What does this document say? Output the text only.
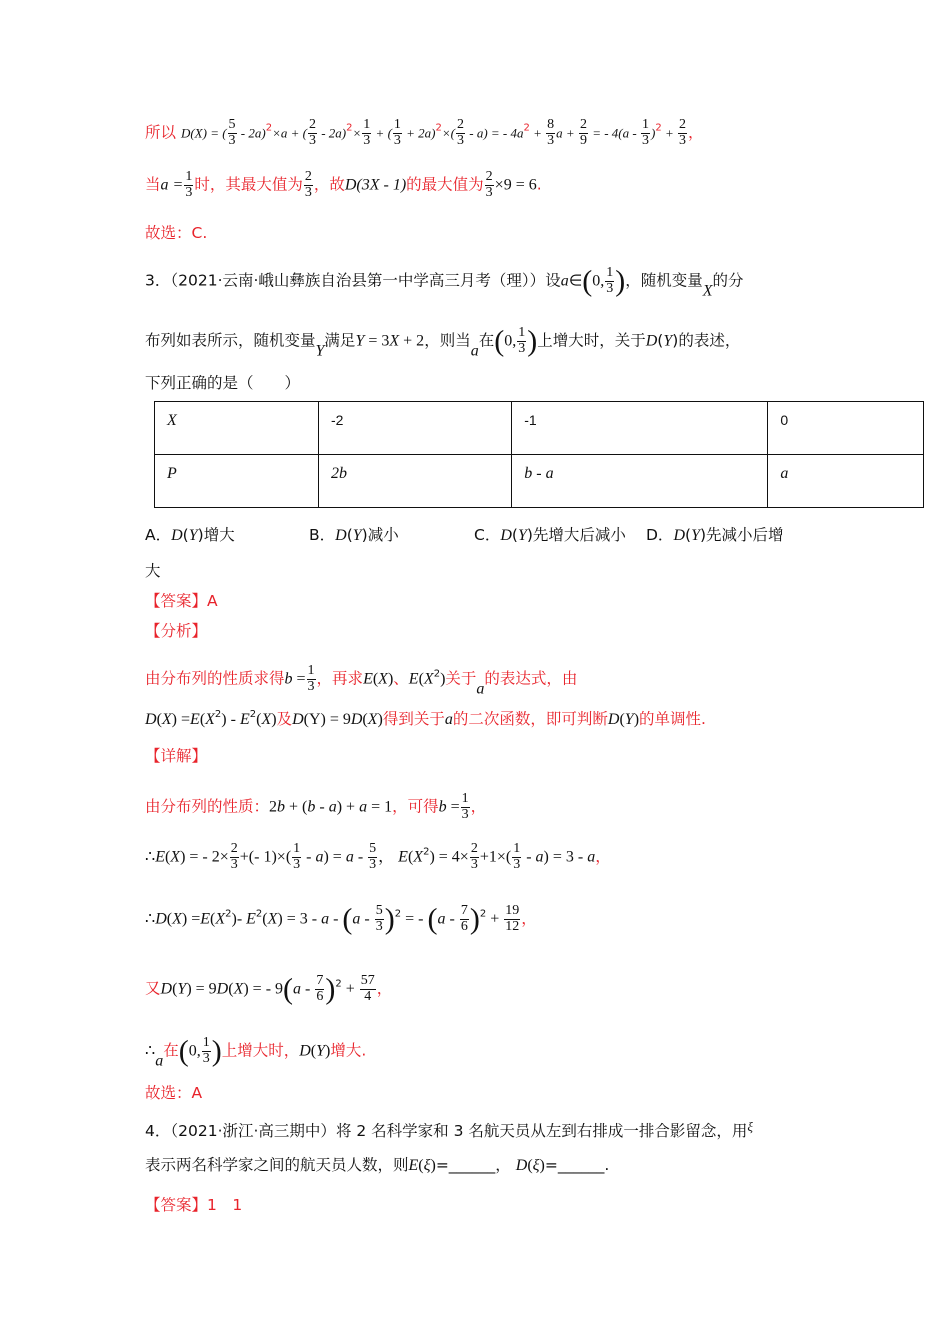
所以 D(X) = ( $\frac{5}{3} - 2a)^2\times a$ + ( $\frac{2}{3} - 2a)^2\times \frac{1}{3}$ + ( $\frac{1}{3} + 2a)^2\times( \frac{2}{3} - a)$ = - $4a^2 + \frac{8}{3}$ $a + \frac{2}{9}$ = - $4(a - \frac{1}{3} )^2 + \frac{2}{3}$ ，
当$a = \frac{1}{3}$ 时，其最大值为 $\frac{2}{3}$ ，故D(3X - 1)的最大值为 $\frac{2}{3} \times 9 = 6$.
故选：C.
3．（2021·云南·峨山彝族自治县第一中学高三月考（理））设a∈(0, $\frac{1}{3}$ )，随机变量X的分
布列如表所示，随机变量Y满足Y = 3X + 2，则当a在(0, $\frac{1}{3}$ )上增大时，关于D(Y)的表述，
下列正确的是（　　）
X	-2	-1	0
P	2b	b - a	a
A．D(Y)增大	B．D(Y)减小	C．D(Y)先增大后减小 D．D(Y)先减小后增
大
【答案】A
【分析】
由分布列的性质求得$b = \frac{1}{3}$ ，再求E(X)、$E(X^2)$关于a的表达式，由
$D(X) =E(X^2) - E^2(X)$及D(Y) = 9D(X)得到关于a的二次函数，即可判断D(Y)的单调性.
【详解】
由分布列的性质：2b + (b - a) + a = 1，可得$b = \frac{1}{3}$ ，
∴E(X) = - $2\times \frac{2}{3}$ +(- $1)\times( \frac{1}{3} - a) = a - \frac{5}{3}$ ， $E(X^2) = 4\times \frac{2}{3} +1\times( \frac{1}{3} - a) = 3 - a$，
∴D(X) $=E(X^2)-$ $E^2(X) = 3 - a - (a - \frac{5}{3} )^2$ = - $(a - \frac{7}{6} )^2 + \frac{19}{12}$ ，
又D(Y) = 9D(X) = - $9(a - \frac{7}{6} )^2 + \frac{57}{4}$ ，
∴a在(0, $\frac{1}{3}$ )上增大时，D(Y)增大.
故选：A
4．（2021·浙江·高三期中）将 2 名科学家和 3 名航天员从左到右排成一排合影留念，用$^\xi$
表示两名科学家之间的航天员人数，则E(ξ)=______， D(ξ)=______.
【答案】1　1
